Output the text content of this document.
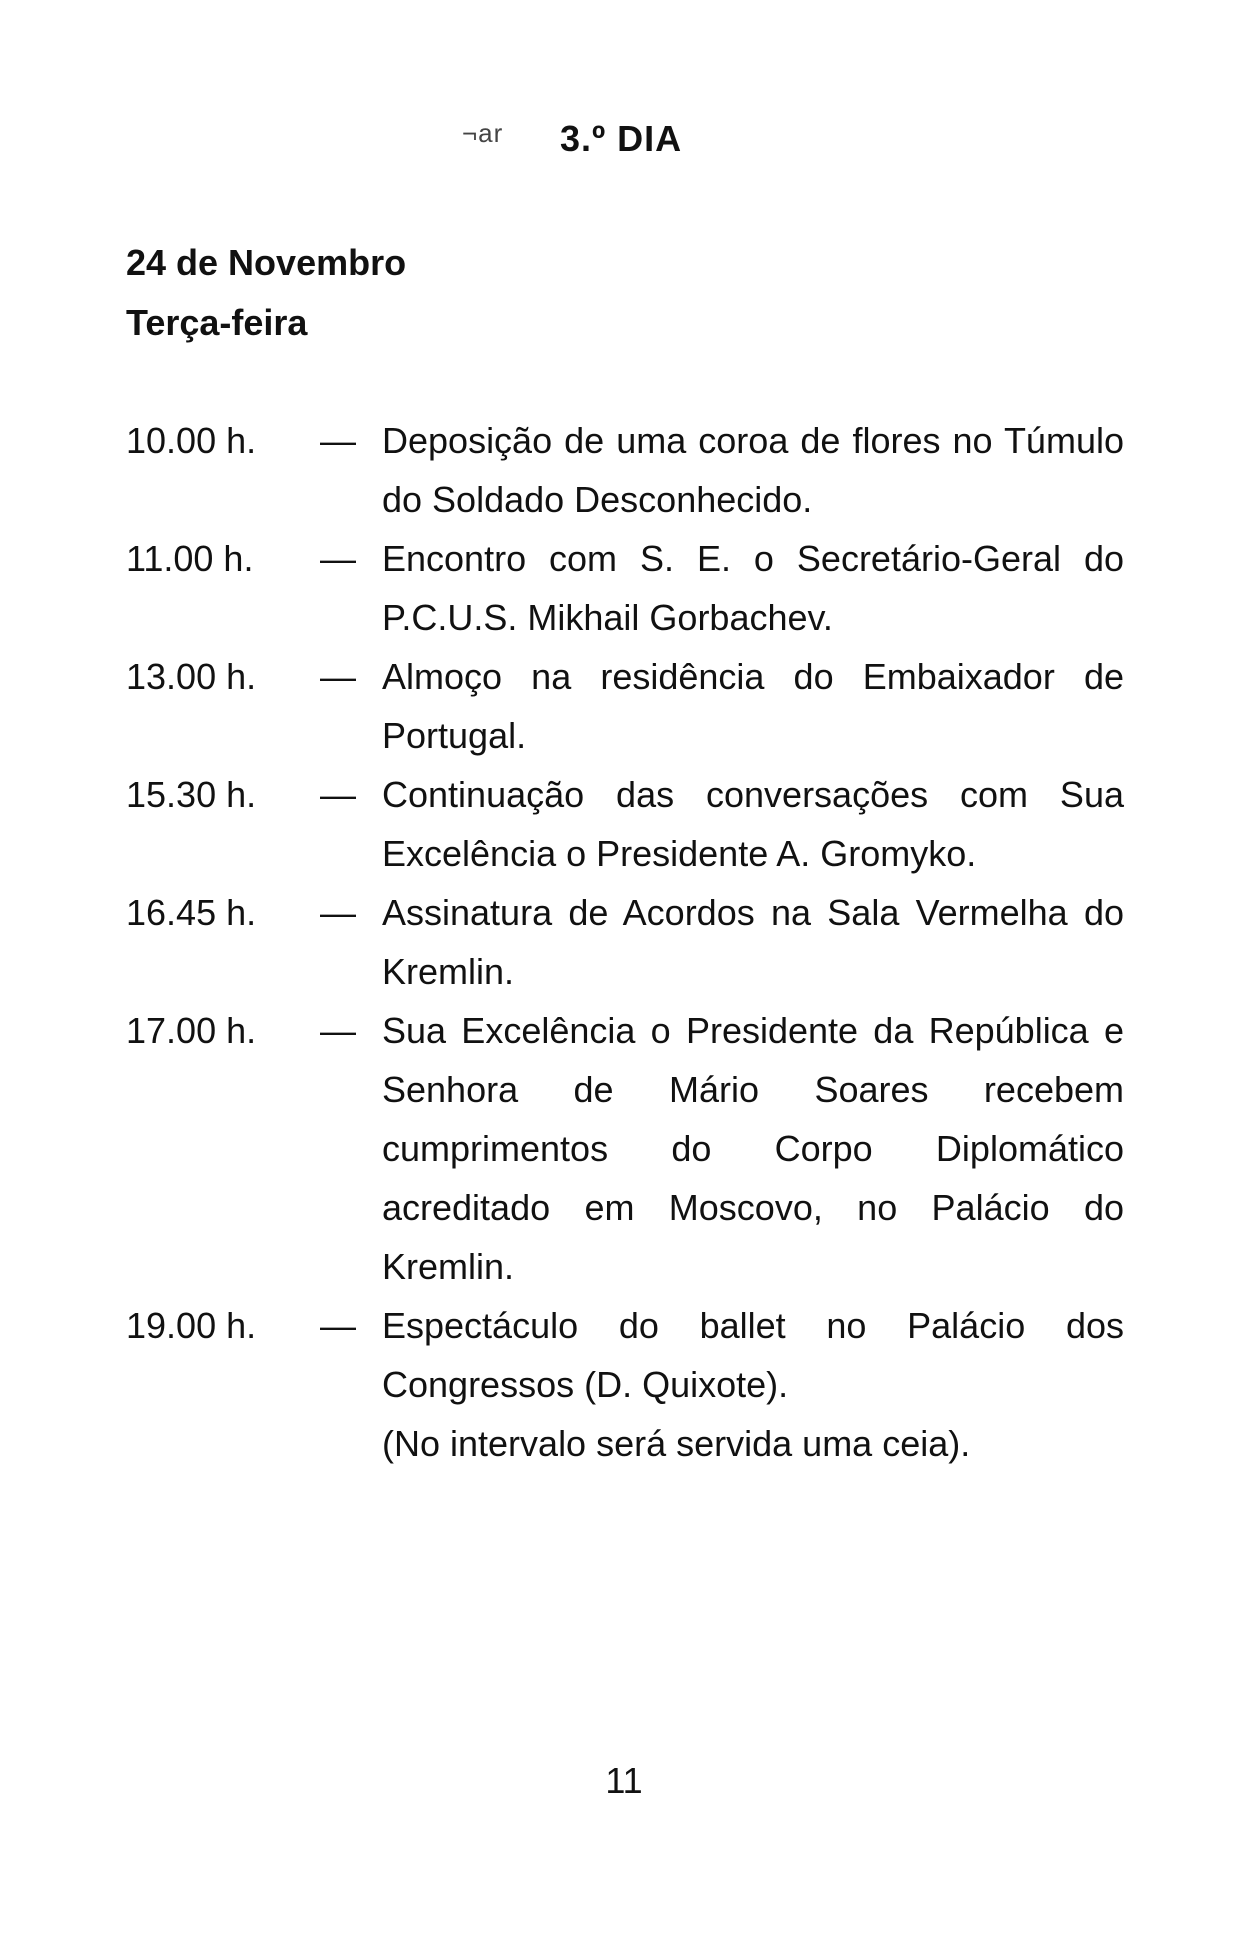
¬ar 3.º DIA
24 de Novembro
Terça-feira
10.00 h.	— Deposição de uma coroa de flores no Túmulo do Soldado Desconhecido.
11.00 h.	— Encontro com S. E. o Secretário-Geral do P.C.U.S. Mikhail Gorbachev.
13.00 h.	— Almoço na residência do Embaixador de Portugal.
15.30 h.	— Continuação das conversações com Sua Excelência o Presidente A. Gromyko.
16.45 h.	— Assinatura de Acordos na Sala Vermelha do Kremlin.
17.00 h.	— Sua Excelência o Presidente da República e Senhora de Mário Soares recebem cumprimentos do Corpo Diplomático acreditado em Moscovo, no Palácio do Kremlin.
19.00 h.	— Espectáculo do ballet no Palácio dos Congressos (D. Quixote).
(No intervalo será servida uma ceia).
11
